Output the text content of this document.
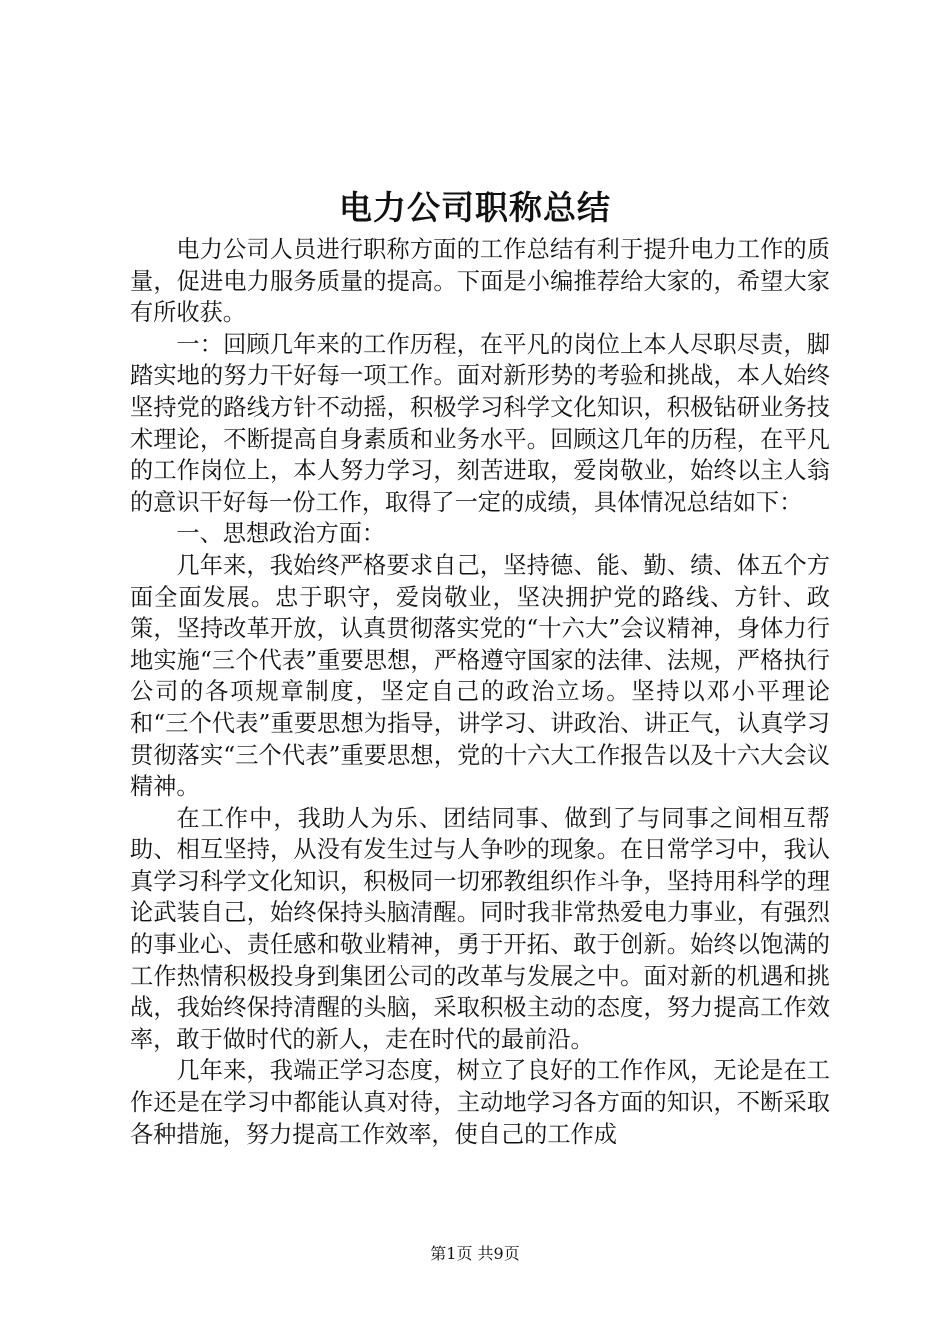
电力公司职称总结

电力公司人员进行职称方面的工作总结有利于提升电力工作的质量，促进电力服务质量的提高。下面是小编推荐给大家的，希望大家有所收获。

一：回顾几年来的工作历程，在平凡的岗位上本人尽职尽责，脚踏实地的努力干好每一项工作。面对新形势的考验和挑战，本人始终坚持党的路线方针不动摇，积极学习科学文化知识，积极钻研业务技术理论，不断提高自身素质和业务水平。回顾这几年的历程，在平凡的工作岗位上，本人努力学习，刻苦进取，爱岗敬业，始终以主人翁的意识干好每一份工作，取得了一定的成绩，具体情况总结如下：

一、思想政治方面：

几年来，我始终严格要求自己，坚持德、能、勤、绩、体五个方面全面发展。忠于职守，爱岗敬业，坚决拥护党的路线、方针、政策，坚持改革开放，认真贯彻落实党的“十六大”会议精神，身体力行地实施“三个代表”重要思想，严格遵守国家的法律、法规，严格执行公司的各项规章制度，坚定自己的政治立场。坚持以邓小平理论和“三个代表”重要思想为指导，讲学习、讲政治、讲正气，认真学习贯彻落实“三个代表”重要思想，党的十六大工作报告以及十六大会议精神。

在工作中，我助人为乐、团结同事、做到了与同事之间相互帮助、相互坚持，从没有发生过与人争吵的现象。在日常学习中，我认真学习科学文化知识，积极同一切邪教组织作斗争，坚持用科学的理论武装自己，始终保持头脑清醒。同时我非常热爱电力事业，有强烈的事业心、责任感和敬业精神，勇于开拓、敢于创新。始终以饱满的工作热情积极投身到集团公司的改革与发展之中。面对新的机遇和挑战，我始终保持清醒的头脑，采取积极主动的态度，努力提高工作效率，敢于做时代的新人，走在时代的最前沿。

几年来，我端正学习态度，树立了良好的工作作风，无论是在工作还是在学习中都能认真对待，主动地学习各方面的知识，不断采取各种措施，努力提高工作效率，使自己的工作成

第1页 共9页
